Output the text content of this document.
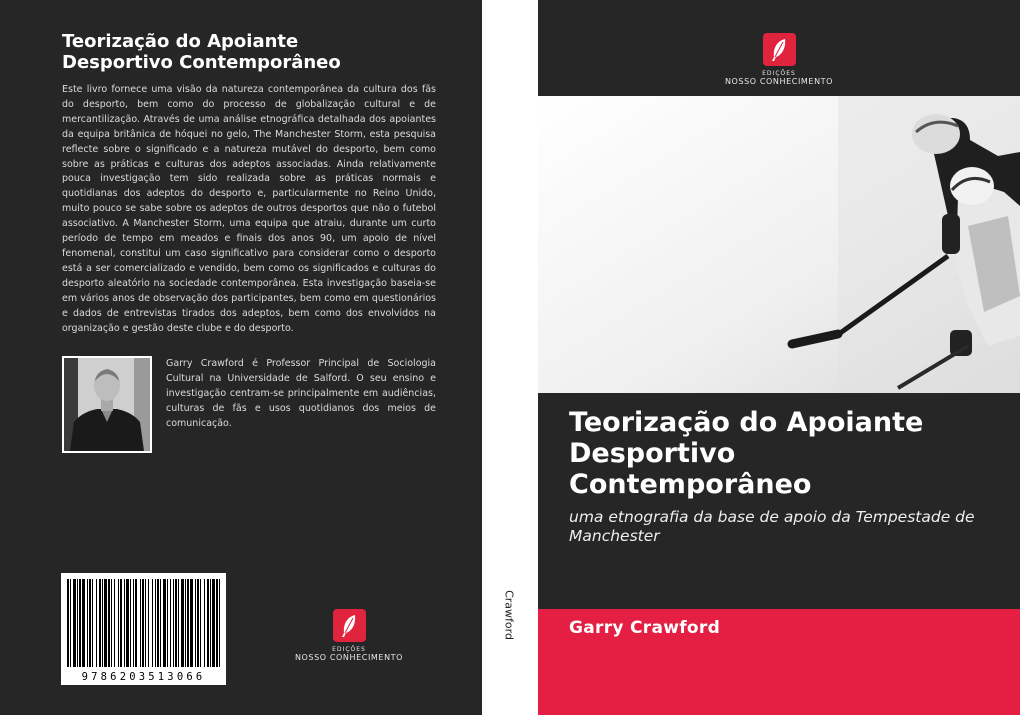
Teorização do Apoiante
Desportivo Contemporâneo

Este livro fornece uma visão da natureza contemporânea da cultura dos fãs do desporto, bem como do processo de globalização cultural e de mercantilização. Através de uma análise etnográfica detalhada dos apoiantes da equipa britânica de hóquei no gelo, The Manchester Storm, esta pesquisa reflecte sobre o significado e a natureza mutável do desporto, bem como sobre as práticas e culturas dos adeptos associadas. Ainda relativamente pouca investigação tem sido realizada sobre as práticas normais e quotidianas dos adeptos do desporto e, particularmente no Reino Unido, muito pouco se sabe sobre os adeptos de outros desportos que não o futebol associativo. A Manchester Storm, uma equipa que atraiu, durante um curto período de tempo em meados e finais dos anos 90, um apoio de nível fenomenal, constitui um caso significativo para considerar como o desporto está a ser comercializado e vendido, bem como os significados e culturas do desporto aleatório na sociedade contemporânea. Esta investigação baseia-se em vários anos de observação dos participantes, bem como em questionários e dados de entrevistas tirados dos adeptos, bem como dos envolvidos na organização e gestão deste clube e do desporto.

Garry Crawford é Professor Principal de Sociologia Cultural na Universidade de Salford. O seu ensino e investigação centram-se principalmente em audiências, culturas de fãs e usos quotidianos dos meios de comunicação.

9786203513066
EDIÇÕES
NOSSO CONHECIMENTO
Crawford
EDIÇÕES
NOSSO CONHECIMENTO
Teorização do Apoiante
Desportivo
Contemporâneo

uma etnografia da base de apoio da Tempestade de Manchester

Garry Crawford
